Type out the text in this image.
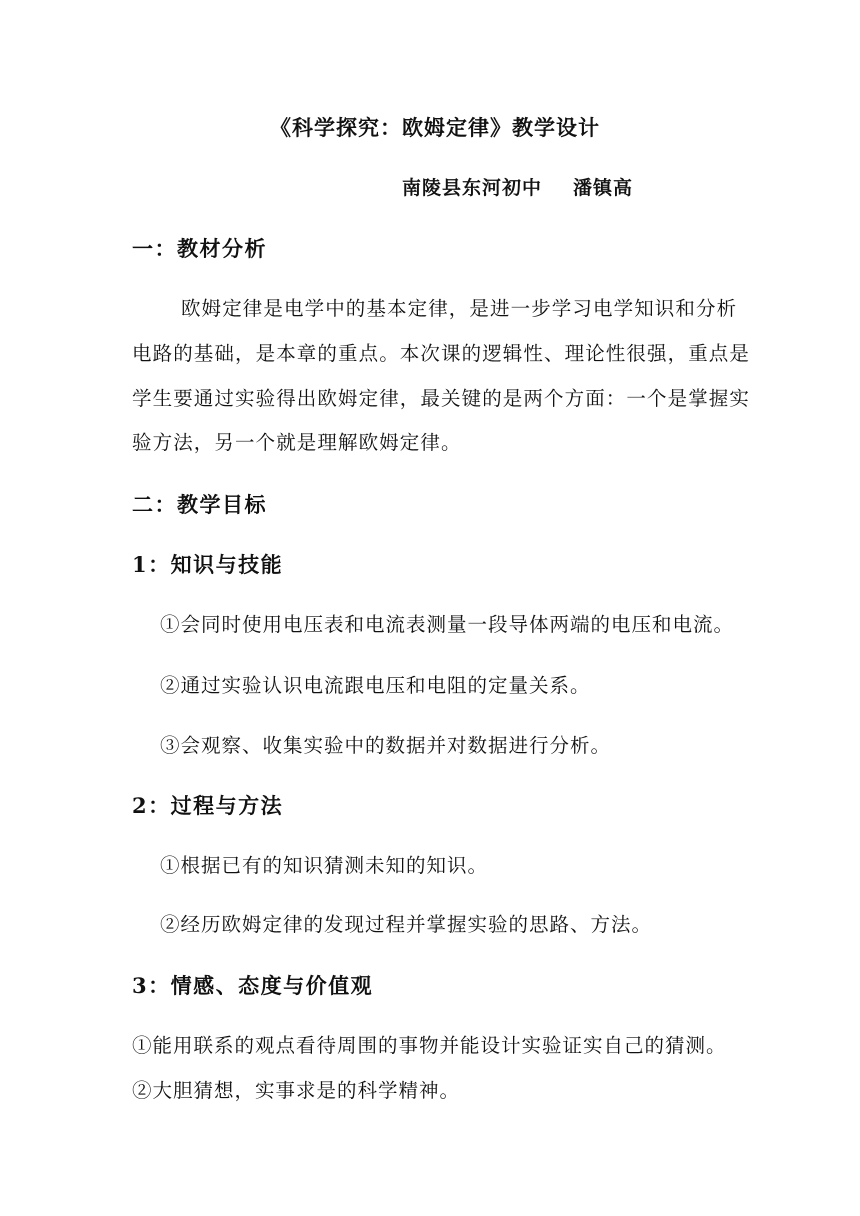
《科学探究：欧姆定律》教学设计
南陵县东河初中 潘镇高
一：教材分析
欧姆定律是电学中的基本定律，是进一步学习电学知识和分析
电路的基础，是本章的重点。本次课的逻辑性、理论性很强，重点是
学生要通过实验得出欧姆定律，最关键的是两个方面：一个是掌握实
验方法，另一个就是理解欧姆定律。
二：教学目标
1：知识与技能
①会同时使用电压表和电流表测量一段导体两端的电压和电流。
②通过实验认识电流跟电压和电阻的定量关系。
③会观察、收集实验中的数据并对数据进行分析。
2：过程与方法
①根据已有的知识猜测未知的知识。
②经历欧姆定律的发现过程并掌握实验的思路、方法。
3：情感、态度与价值观
①能用联系的观点看待周围的事物并能设计实验证实自己的猜测。
②大胆猜想，实事求是的科学精神。
